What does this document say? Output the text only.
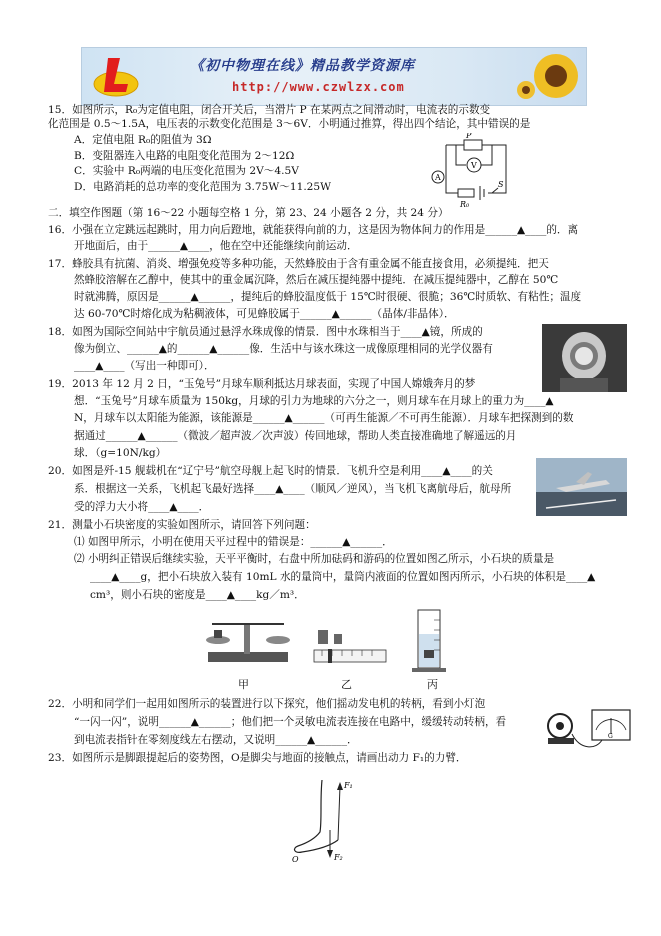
《初中物理在线》精品教学资源库
http://www.czwlzx.com
15．如图所示，R₀为定值电阻，闭合开关后，当滑片 P 在某两点之间滑动时，电流表的示数变
化范围是 0.5～1.5A，电压表的示数变化范围是 3～6V．小明通过推算，得出四个结论，其中错误的是
A．定值电阻 R₀的阻值为 3Ω
B．变阻器连入电路的电阻变化范围为 2～12Ω
C．实验中 R₀两端的电压变化范围为 2V～4.5V
D．电路消耗的总功率的变化范围为 3.75W～11.25W
V
A
P
S
R₀
二．填空作图题（第 16～22 小题每空格 1 分，第 23、24 小题各 2 分，共 24 分）
16．小强在立定跳远起跳时，用力向后蹬地，就能获得向前的力，这是因为物体间力的作用是______▲____的．离
开地面后，由于______▲____，他在空中还能继续向前运动．
17．蜂胶具有抗菌、消炎、增强免疫等多种功能，天然蜂胶由于含有重金属不能直接食用，必须提纯．把天
然蜂胶溶解在乙醇中，使其中的重金属沉降，然后在减压提纯器中提纯．在减压提纯器中，乙醇在 50℃
时就沸腾，原因是______▲______，提纯后的蜂胶温度低于 15℃时很硬、很脆；36℃时质软、有粘性；温度
达 60-70℃时熔化成为粘稠液体，可见蜂胶属于______▲______（晶体/非晶体）．
18．如图为国际空间站中宇航员通过悬浮水珠成像的情景．图中水珠相当于____▲镜，所成的
像为倒立、______▲的______▲______像．生活中与该水珠这一成像原理相同的光学仪器有
____▲____（写出一种即可）．
19．2013 年 12 月 2 日，“玉兔号”月球车顺利抵达月球表面，实现了中国人嫦娥奔月的梦
想．“玉兔号”月球车质量为 150kg，月球的引力为地球的六分之一，则月球车在月球上的重力为____▲
N，月球车以太阳能为能源，该能源是______▲______（可再生能源／不可再生能源）．月球车把探测到的数
据通过______▲______（微波／超声波／次声波）传回地球，帮助人类直接准确地了解遥远的月
球．（g=10N/kg）
20．如图是歼-15 舰载机在“辽宁号”航空母舰上起飞时的情景．飞机升空是利用____▲____的关
系．根据这一关系，飞机起飞最好选择____▲____（顺风／逆风），当飞机飞离航母后，航母所
受的浮力大小将____▲____．
21．测量小石块密度的实验如图所示，请回答下列问题：
⑴ 如图甲所示，小明在使用天平过程中的错误是：______▲______．
⑵ 小明纠正错误后继续实验，天平平衡时，右盘中所加砝码和游码的位置如图乙所示，小石块的质量是
____▲____g，把小石块放入装有 10mL 水的量筒中，量筒内液面的位置如图丙所示，小石块的体积是____▲
cm³，则小石块的密度是____▲____kg／m³．
甲	乙	丙
22．小明和同学们一起用如图所示的装置进行以下探究，他们摇动发电机的转柄，看到小灯泡
“一闪一闪”，说明______▲______；他们把一个灵敏电流表连接在电路中，缓缓转动转柄，看
到电流表指针在零刻度线左右摆动，又说明______▲______．	G
23．如图所示是脚跟提起后的姿势图，O是脚尖与地面的接触点，请画出动力 F₁的力臂．
F₁
F₂
O
